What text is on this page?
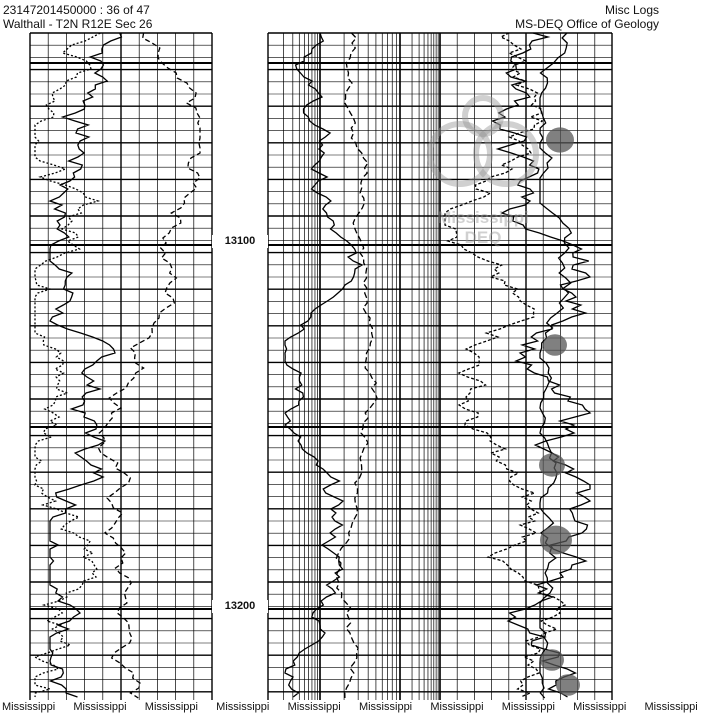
23147201450000 : 36 of 47
Walthall - T2N R12E Sec 26
Misc Logs
MS-DEQ Office of Geology
13100
13200
Mississippi
DEQ
Mississippi	Mississippi	Mississippi	Mississippi	Mississippi	Mississippi	Mississippi	Mississippi	Mississippi	Mississippi
